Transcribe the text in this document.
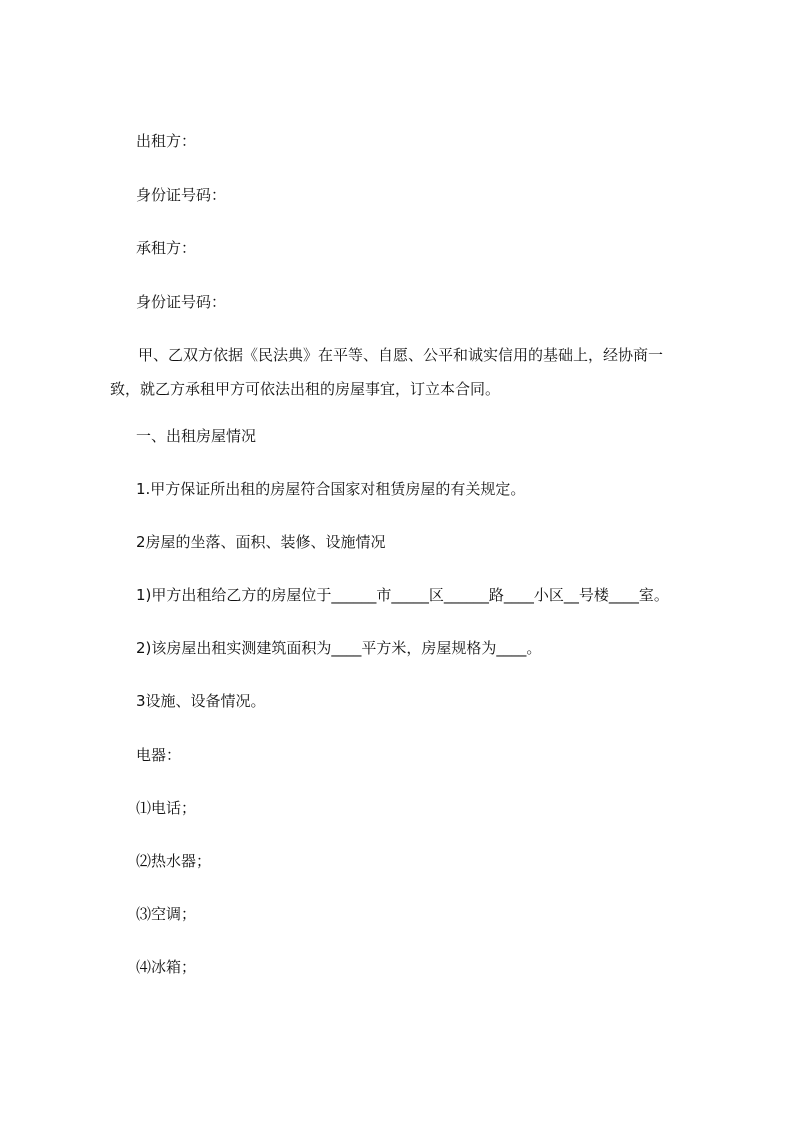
出租方：
身份证号码：
承租方：
身份证号码：
甲、乙双方依据《民法典》在平等、自愿、公平和诚实信用的基础上，经协商一
致，就乙方承租甲方可依法出租的房屋事宜，订立本合同。
一、出租房屋情况
1.甲方保证所出租的房屋符合国家对租赁房屋的有关规定。
2房屋的坐落、面积、装修、设施情况
1)甲方出租给乙方的房屋位于______市_____区______路____小区__号楼____室。
2)该房屋出租实测建筑面积为____平方米，房屋规格为____。
3设施、设备情况。
电器：
⑴电话；
⑵热水器；
⑶空调；
⑷冰箱；
